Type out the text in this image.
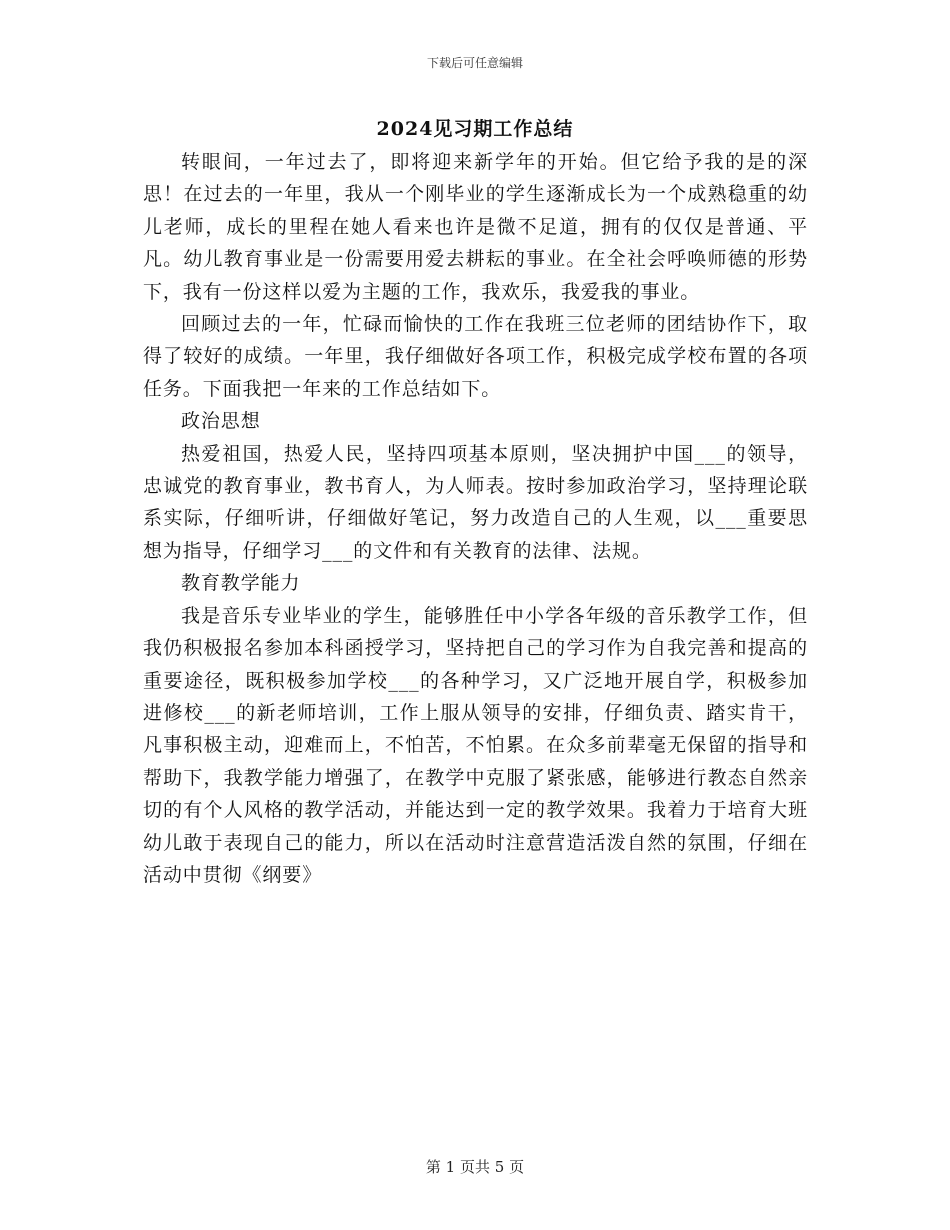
下载后可任意编辑
2024见习期工作总结

转眼间，一年过去了，即将迎来新学年的开始。但它给予我的是的深思！在过去的一年里，我从一个刚毕业的学生逐渐成长为一个成熟稳重的幼儿老师，成长的里程在她人看来也许是微不足道，拥有的仅仅是普通、平凡。幼儿教育事业是一份需要用爱去耕耘的事业。在全社会呼唤师德的形势下，我有一份这样以爱为主题的工作，我欢乐，我爱我的事业。

回顾过去的一年，忙碌而愉快的工作在我班三位老师的团结协作下，取得了较好的成绩。一年里，我仔细做好各项工作，积极完成学校布置的各项任务。下面我把一年来的工作总结如下。

政治思想

热爱祖国，热爱人民，坚持四项基本原则，坚决拥护中国___的领导，忠诚党的教育事业，教书育人，为人师表。按时参加政治学习，坚持理论联系实际，仔细听讲，仔细做好笔记，努力改造自己的人生观，以___重要思想为指导，仔细学习___的文件和有关教育的法律、法规。

教育教学能力

我是音乐专业毕业的学生，能够胜任中小学各年级的音乐教学工作，但我仍积极报名参加本科函授学习，坚持把自己的学习作为自我完善和提高的重要途径，既积极参加学校___的各种学习，又广泛地开展自学，积极参加进修校___的新老师培训，工作上服从领导的安排，仔细负责、踏实肯干，凡事积极主动，迎难而上，不怕苦，不怕累。在众多前辈毫无保留的指导和帮助下，我教学能力增强了，在教学中克服了紧张感，能够进行教态自然亲切的有个人风格的教学活动，并能达到一定的教学效果。我着力于培育大班幼儿敢于表现自己的能力，所以在活动时注意营造活泼自然的氛围，仔细在活动中贯彻《纲要》

第 1 页共 5 页
